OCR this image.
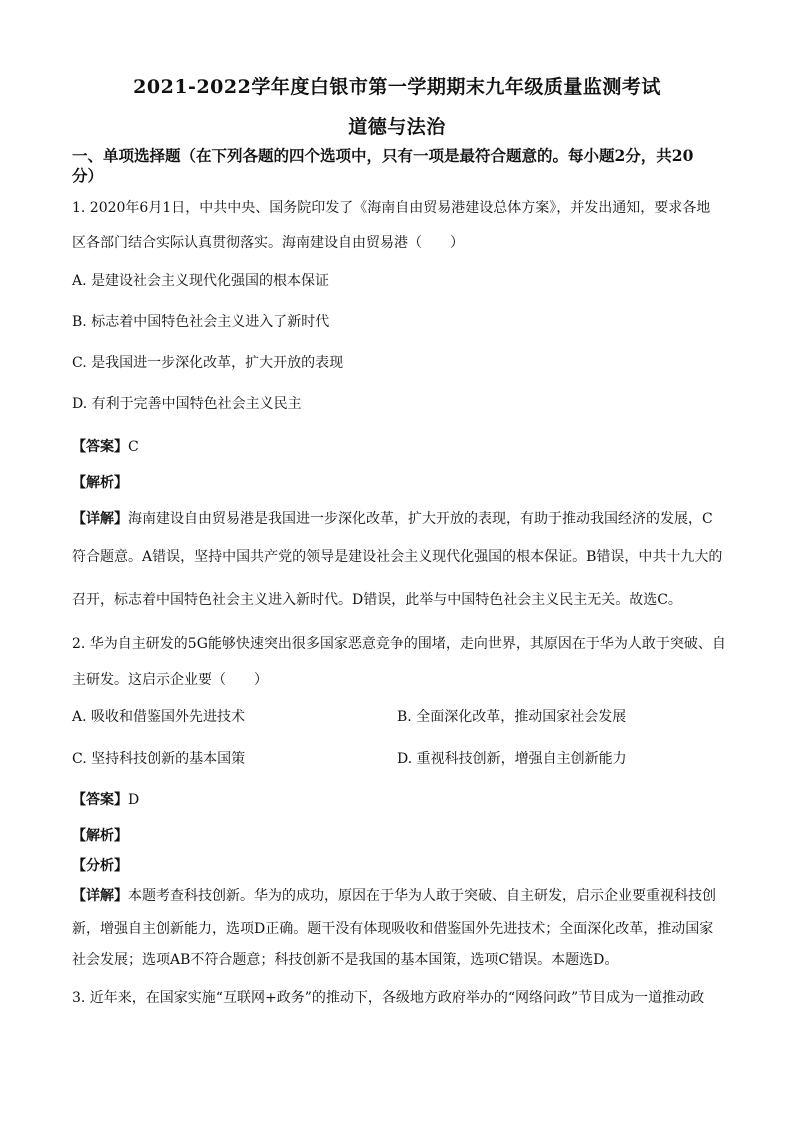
2021-2022学年度白银市第一学期期末九年级质量监测考试
道德与法治
一、单项选择题（在下列各题的四个选项中，只有一项是最符合题意的。每小题2分，共20
分）
1. 2020年6月1日，中共中央、国务院印发了《海南自由贸易港建设总体方案》，并发出通知，要求各地
区各部门结合实际认真贯彻落实。海南建设自由贸易港（　　）
A. 是建设社会主义现代化强国的根本保证
B. 标志着中国特色社会主义进入了新时代
C. 是我国进一步深化改革，扩大开放的表现
D. 有利于完善中国特色社会主义民主
【答案】C
【解析】
【详解】海南建设自由贸易港是我国进一步深化改革，扩大开放的表现，有助于推动我国经济的发展，C
符合题意。A错误，坚持中国共产党的领导是建设社会主义现代化强国的根本保证。B错误，中共十九大的
召开，标志着中国特色社会主义进入新时代。D错误，此举与中国特色社会主义民主无关。故选C。
2. 华为自主研发的5G能够快速突出很多国家恶意竞争的围堵，走向世界，其原因在于华为人敢于突破、自
主研发。这启示企业要（　　）
A. 吸收和借鉴国外先进技术	B. 全面深化改革，推动国家社会发展
C. 坚持科技创新的基本国策	D. 重视科技创新，增强自主创新能力
【答案】D
【解析】
【分析】
【详解】本题考查科技创新。华为的成功，原因在于华为人敢于突破、自主研发，启示企业要重视科技创
新，增强自主创新能力，选项D正确。题干没有体现吸收和借鉴国外先进技术；全面深化改革，推动国家
社会发展；选项AB不符合题意；科技创新不是我国的基本国策，选项C错误。本题选D。
3. 近年来，在国家实施“互联网+政务”的推动下，各级地方政府举办的“网络问政”节目成为一道推动政
